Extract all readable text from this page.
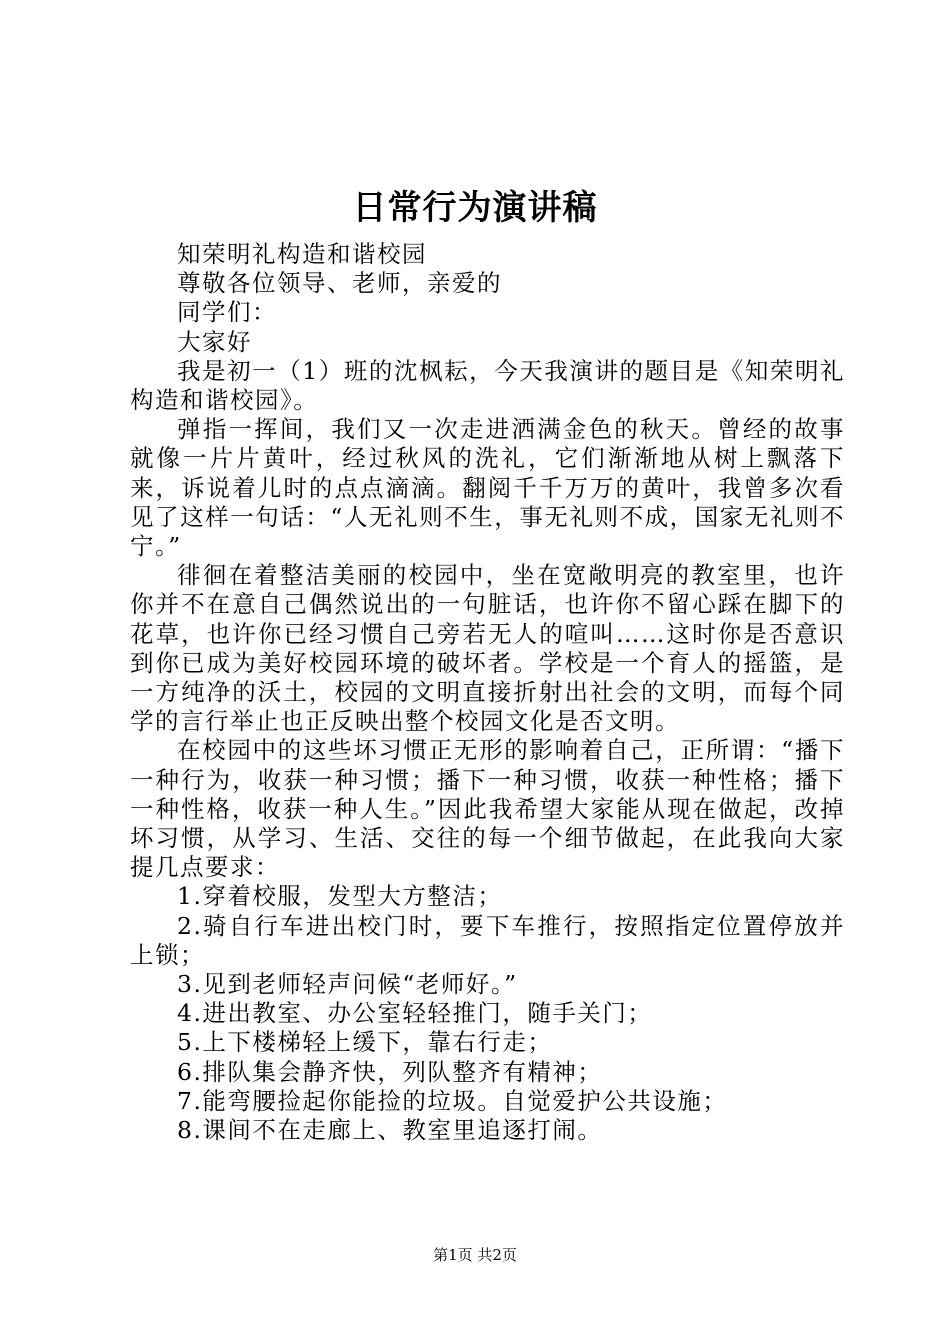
日常行为演讲稿

知荣明礼构造和谐校园

尊敬各位领导、老师，亲爱的

同学们：

大家好

我是初一（1）班的沈枫耘，今天我演讲的题目是《知荣明礼构造和谐校园》。

弹指一挥间，我们又一次走进洒满金色的秋天。曾经的故事就像一片片黄叶，经过秋风的洗礼，它们渐渐地从树上飘落下来，诉说着儿时的点点滴滴。翻阅千千万万的黄叶，我曾多次看见了这样一句话：“人无礼则不生，事无礼则不成，国家无礼则不宁。”

徘徊在着整洁美丽的校园中，坐在宽敞明亮的教室里，也许你并不在意自己偶然说出的一句脏话，也许你不留心踩在脚下的花草，也许你已经习惯自己旁若无人的喧叫……这时你是否意识到你已成为美好校园环境的破坏者。学校是一个育人的摇篮，是一方纯净的沃土，校园的文明直接折射出社会的文明，而每个同学的言行举止也正反映出整个校园文化是否文明。

在校园中的这些坏习惯正无形的影响着自己，正所谓：“播下一种行为，收获一种习惯；播下一种习惯，收获一种性格；播下一种性格，收获一种人生。”因此我希望大家能从现在做起，改掉坏习惯，从学习、生活、交往的每一个细节做起，在此我向大家提几点要求：

1.穿着校服，发型大方整洁；

2.骑自行车进出校门时，要下车推行，按照指定位置停放并上锁；

3.见到老师轻声问候“老师好。”

4.进出教室、办公室轻轻推门，随手关门；

5.上下楼梯轻上缓下，靠右行走；

6.排队集会静齐快，列队整齐有精神；

7.能弯腰捡起你能捡的垃圾。自觉爱护公共设施；

8.课间不在走廊上、教室里追逐打闹。

第1页 共2页
